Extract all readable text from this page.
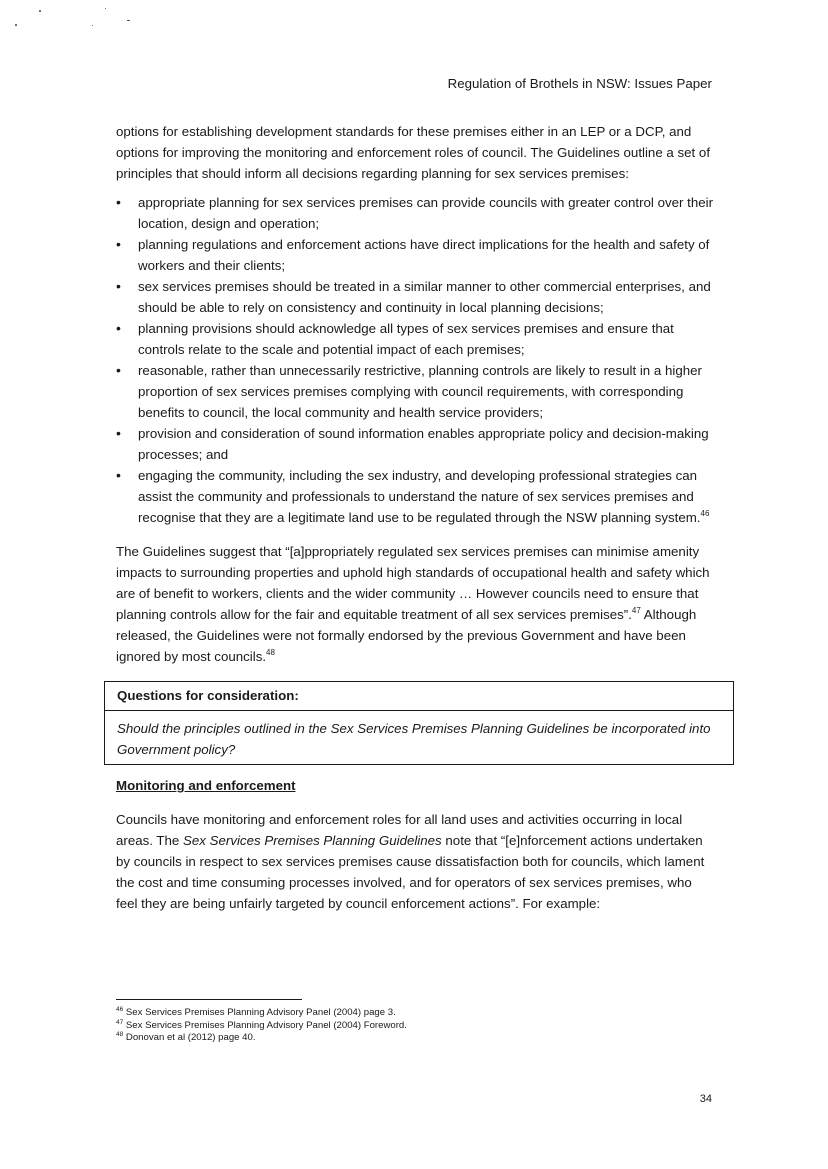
Regulation of Brothels in NSW: Issues Paper

options for establishing development standards for these premises either in an LEP or a DCP, and options for improving the monitoring and enforcement roles of council. The Guidelines outline a set of principles that should inform all decisions regarding planning for sex services premises:

• appropriate planning for sex services premises can provide councils with greater control over their location, design and operation;
• planning regulations and enforcement actions have direct implications for the health and safety of workers and their clients;
• sex services premises should be treated in a similar manner to other commercial enterprises, and should be able to rely on consistency and continuity in local planning decisions;
• planning provisions should acknowledge all types of sex services premises and ensure that controls relate to the scale and potential impact of each premises;
• reasonable, rather than unnecessarily restrictive, planning controls are likely to result in a higher proportion of sex services premises complying with council requirements, with corresponding benefits to council, the local community and health service providers;
• provision and consideration of sound information enables appropriate policy and decision-making processes; and
• engaging the community, including the sex industry, and developing professional strategies can assist the community and professionals to understand the nature of sex services premises and recognise that they are a legitimate land use to be regulated through the NSW planning system.$^{46}$

The Guidelines suggest that “[a]ppropriately regulated sex services premises can minimise amenity impacts to surrounding properties and uphold high standards of occupational health and safety which are of benefit to workers, clients and the wider community … However councils need to ensure that planning controls allow for the fair and equitable treatment of all sex services premises”.$^{47}$ Although released, the Guidelines were not formally endorsed by the previous Government and have been ignored by most councils.$^{48}$

Questions for consideration:
Should the principles outlined in the Sex Services Premises Planning Guidelines be incorporated into Government policy?
Monitoring and enforcement

Councils have monitoring and enforcement roles for all land uses and activities occurring in local areas. The Sex Services Premises Planning Guidelines note that “[e]nforcement actions undertaken by councils in respect to sex services premises cause dissatisfaction both for councils, which lament the cost and time consuming processes involved, and for operators of sex services premises, who feel they are being unfairly targeted by council enforcement actions”. For example:

$^{46}$ Sex Services Premises Planning Advisory Panel (2004) page 3.
$^{47}$ Sex Services Premises Planning Advisory Panel (2004) Foreword.
$^{48}$ Donovan et al (2012) page 40.
34
